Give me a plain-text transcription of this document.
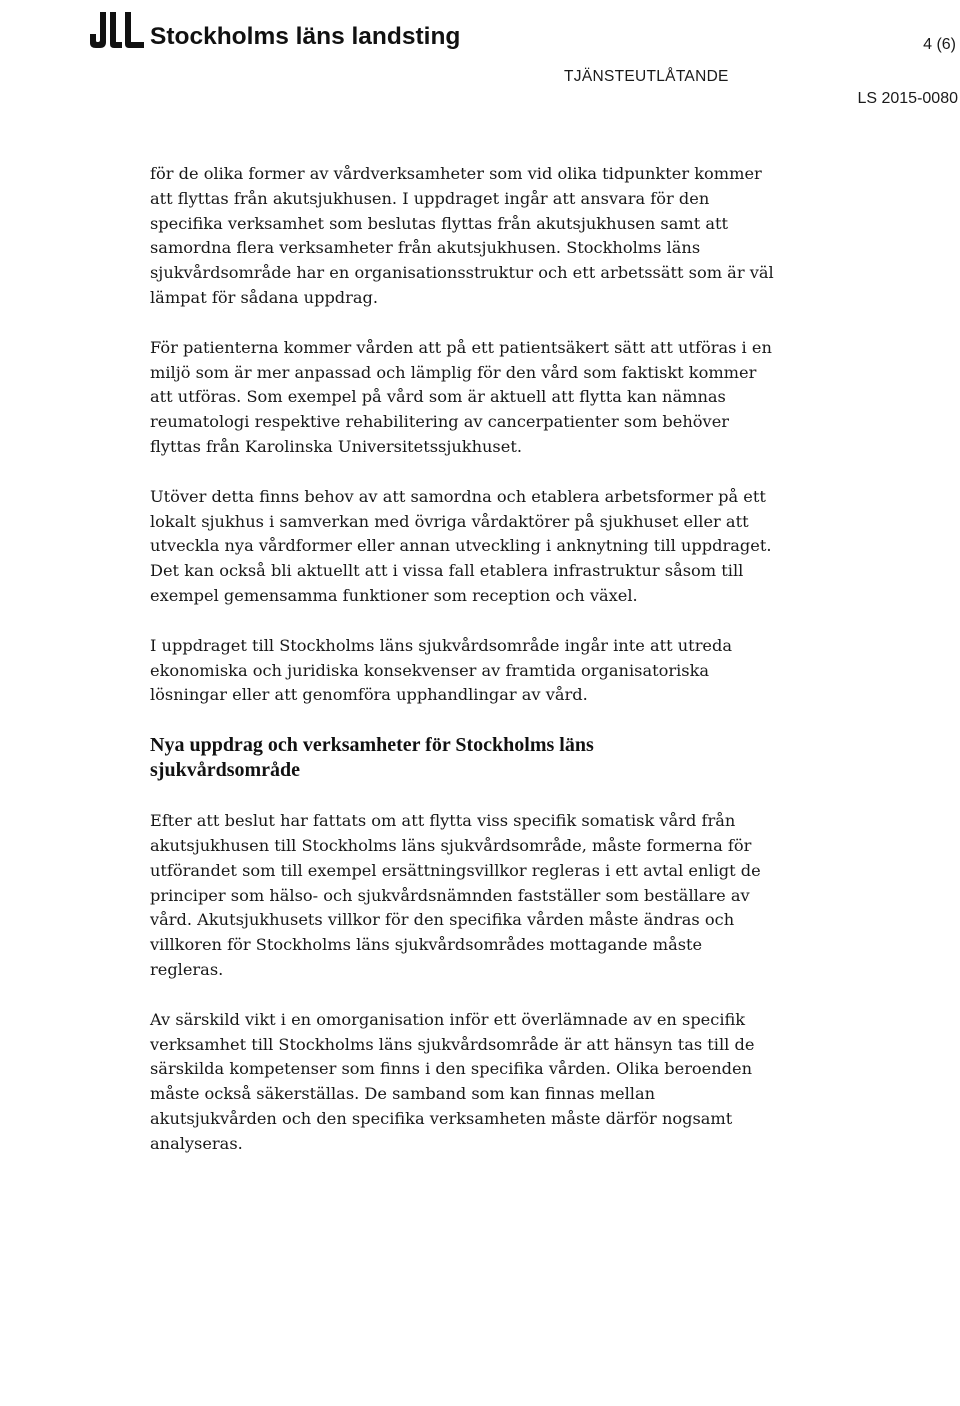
Stockholms läns landsting	4 (6)
TJÄNSTEUTLÅTANDE
LS 2015-0080

för de olika former av vårdverksamheter som vid olika tidpunkter kommer
att flyttas från akutsjukhusen. I uppdraget ingår att ansvara för den
specifika verksamhet som beslutas flyttas från akutsjukhusen samt att
samordna flera verksamheter från akutsjukhusen. Stockholms läns
sjukvårdsområde har en organisationsstruktur och ett arbetssätt som är väl
lämpat för sådana uppdrag.

För patienterna kommer vården att på ett patientsäkert sätt att utföras i en
miljö som är mer anpassad och lämplig för den vård som faktiskt kommer
att utföras. Som exempel på vård som är aktuell att flytta kan nämnas
reumatologi respektive rehabilitering av cancerpatienter som behöver
flyttas från Karolinska Universitetssjukhuset.

Utöver detta finns behov av att samordna och etablera arbetsformer på ett
lokalt sjukhus i samverkan med övriga vårdaktörer på sjukhuset eller att
utveckla nya vårdformer eller annan utveckling i anknytning till uppdraget.
Det kan också bli aktuellt att i vissa fall etablera infrastruktur såsom till
exempel gemensamma funktioner som reception och växel.

I uppdraget till Stockholms läns sjukvårdsområde ingår inte att utreda
ekonomiska och juridiska konsekvenser av framtida organisatoriska
lösningar eller att genomföra upphandlingar av vård.

Nya uppdrag och verksamheter för Stockholms läns
sjukvårdsområde

Efter att beslut har fattats om att flytta viss specifik somatisk vård från
akutsjukhusen till Stockholms läns sjukvårdsområde, måste formerna för
utförandet som till exempel ersättningsvillkor regleras i ett avtal enligt de
principer som hälso- och sjukvårdsnämnden fastställer som beställare av
vård. Akutsjukhusets villkor för den specifika vården måste ändras och
villkoren för Stockholms läns sjukvårdsområdes mottagande måste
regleras.

Av särskild vikt i en omorganisation inför ett överlämnade av en specifik
verksamhet till Stockholms läns sjukvårdsområde är att hänsyn tas till de
särskilda kompetenser som finns i den specifika vården. Olika beroenden
måste också säkerställas. De samband som kan finnas mellan
akutsjukvården och den specifika verksamheten måste därför nogsamt
analyseras.
